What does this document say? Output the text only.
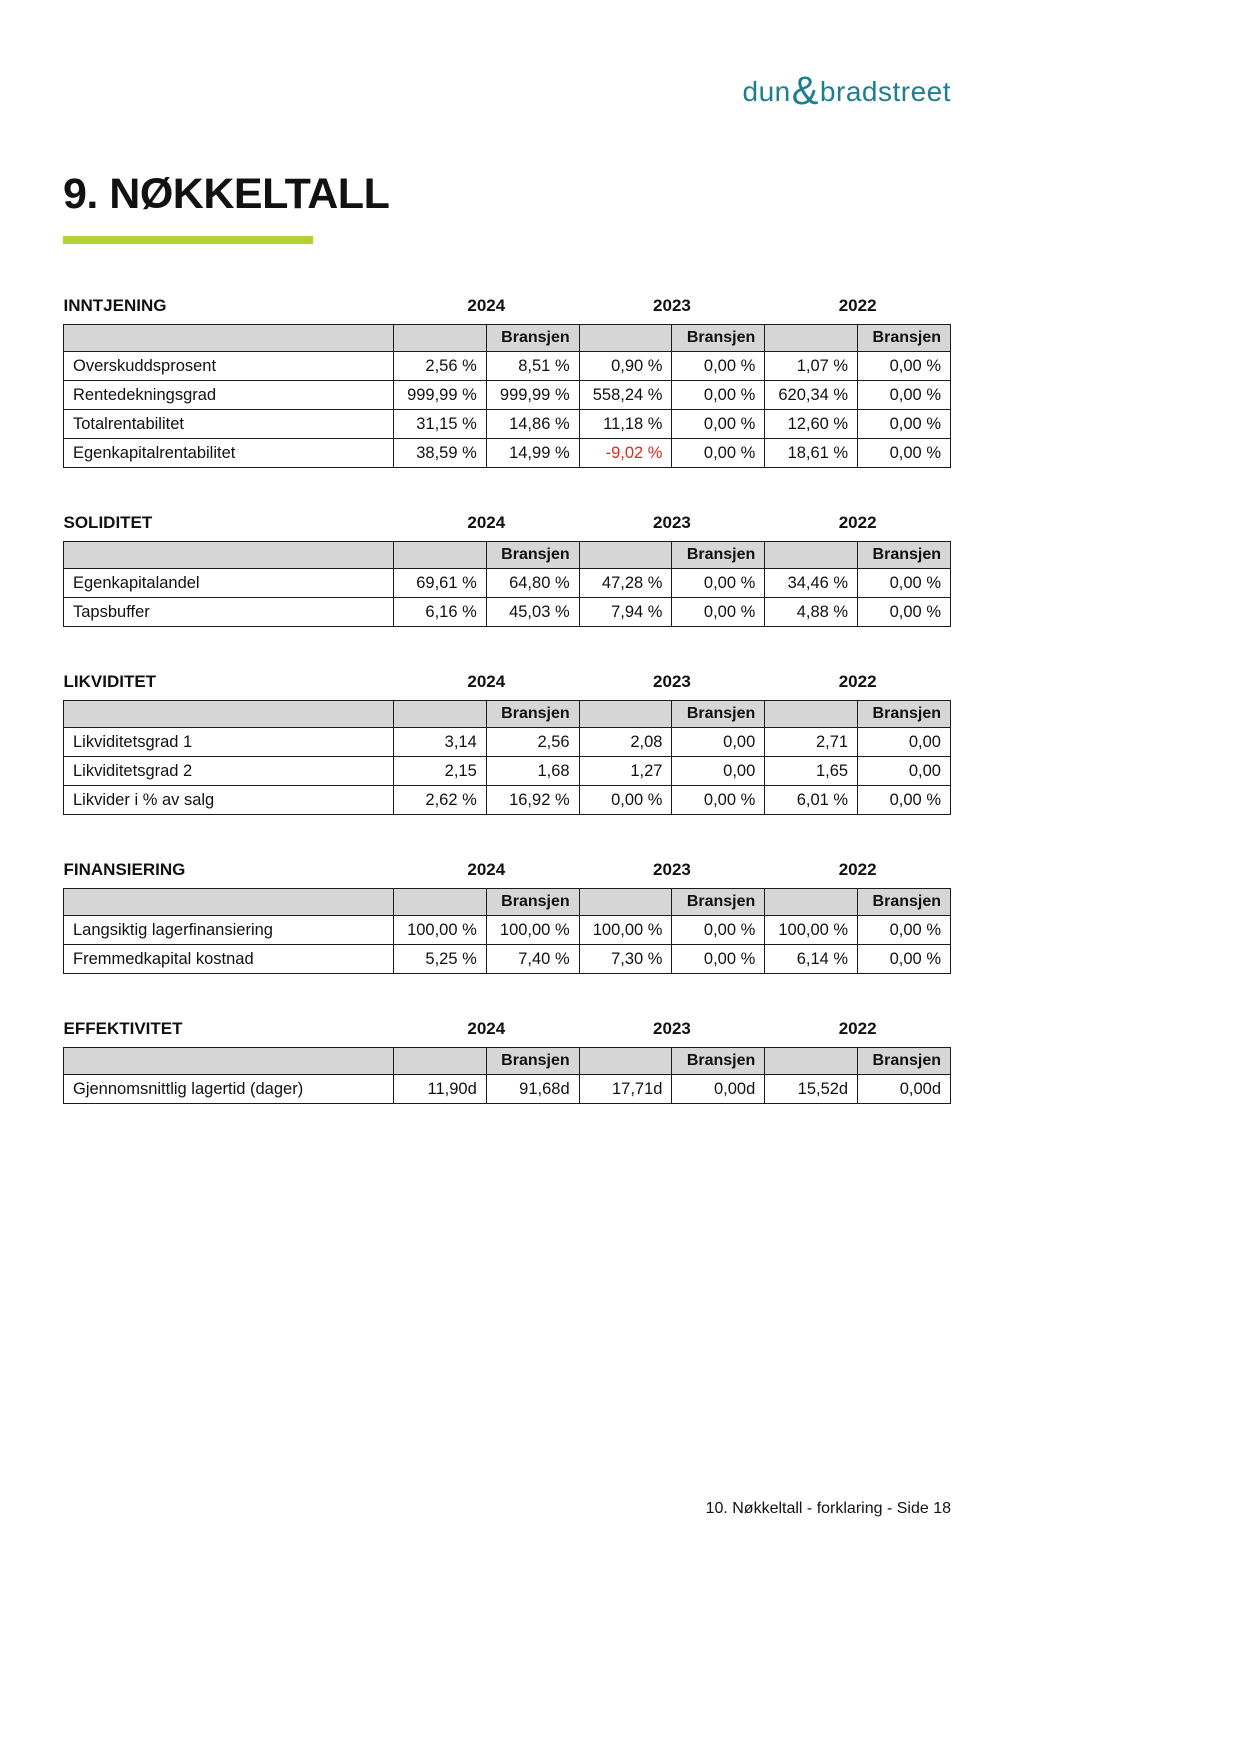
dun&bradstreet
9. NØKKELTALL
INNTJENING	2024		2023		2022	
		Bransjen		Bransjen		Bransjen
Overskuddsprosent	2,56 %	8,51 %	0,90 %	0,00 %	1,07 %	0,00 %
Rentedekningsgrad	999,99 %	999,99 %	558,24 %	0,00 %	620,34 %	0,00 %
Totalrentabilitet	31,15 %	14,86 %	11,18 %	0,00 %	12,60 %	0,00 %
Egenkapitalrentabilitet	38,59 %	14,99 %	-9,02 %	0,00 %	18,61 %	0,00 %
SOLIDITET	2024		2023		2022	
		Bransjen		Bransjen		Bransjen
Egenkapitalandel	69,61 %	64,80 %	47,28 %	0,00 %	34,46 %	0,00 %
Tapsbuffer	6,16 %	45,03 %	7,94 %	0,00 %	4,88 %	0,00 %
LIKVIDITET	2024		2023		2022	
		Bransjen		Bransjen		Bransjen
Likviditetsgrad 1	3,14	2,56	2,08	0,00	2,71	0,00
Likviditetsgrad 2	2,15	1,68	1,27	0,00	1,65	0,00
Likvider i % av salg	2,62 %	16,92 %	0,00 %	0,00 %	6,01 %	0,00 %
FINANSIERING	2024		2023		2022	
		Bransjen		Bransjen		Bransjen
Langsiktig lagerfinansiering	100,00 %	100,00 %	100,00 %	0,00 %	100,00 %	0,00 %
Fremmedkapital kostnad	5,25 %	7,40 %	7,30 %	0,00 %	6,14 %	0,00 %
EFFEKTIVITET	2024		2023		2022	
		Bransjen		Bransjen		Bransjen
Gjennomsnittlig lagertid (dager)	11,90d	91,68d	17,71d	0,00d	15,52d	0,00d
10. Nøkkeltall - forklaring - Side 18
